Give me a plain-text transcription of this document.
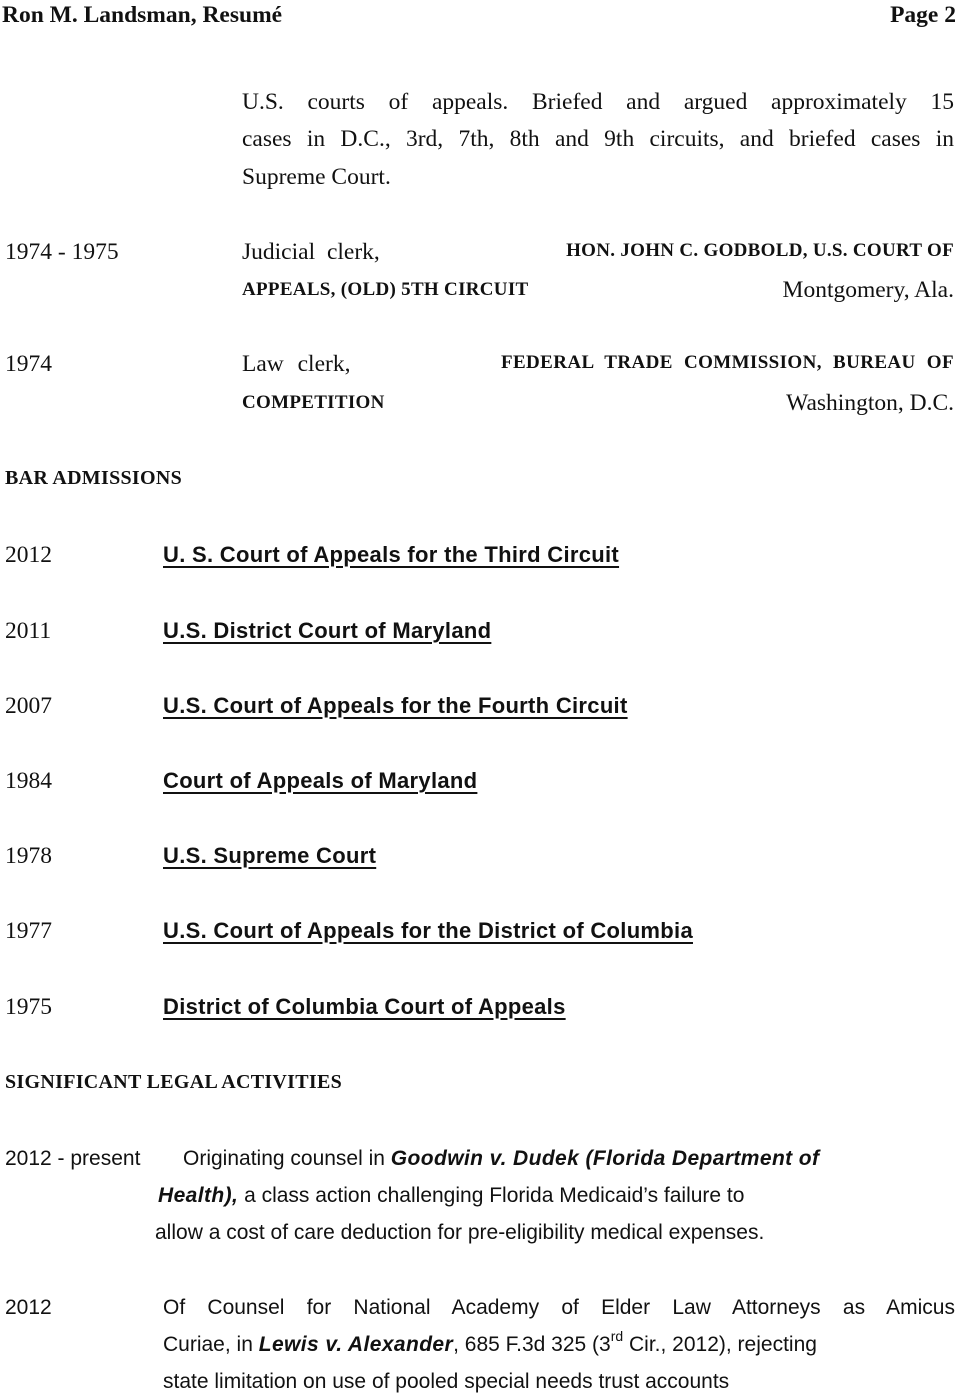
Ron M. Landsman, Resumé	Page 2
U.S. courts of appeals. Briefed and argued approximately 15
cases in D.C., 3rd, 7th, 8th and 9th circuits, and briefed cases in
Supreme Court.
1974 - 1975	Judicial clerk,	HON. JOHN C. GODBOLD, U.S. COURT OF
APPEALS, (OLD) 5TH CIRCUIT	Montgomery, Ala.
1974	Law clerk,	FEDERAL TRADE COMMISSION, BUREAU OF
COMPETITION	Washington, D.C.
BAR ADMISSIONS
2012	U. S. Court of Appeals for the Third Circuit
2011	U.S. District Court of Maryland
2007	U.S. Court of Appeals for the Fourth Circuit
1984	Court of Appeals of Maryland
1978	U.S. Supreme Court
1977	U.S. Court of Appeals for the District of Columbia
1975	District of Columbia Court of Appeals
SIGNIFICANT LEGAL ACTIVITIES
2012 - present Originating counsel in Goodwin v. Dudek (Florida Department of
Health), a class action challenging Florida Medicaid’s failure to
allow a cost of care deduction for pre-eligibility medical expenses.
2012	Of Counsel for National Academy of Elder Law Attorneys as Amicus
Curiae, in Lewis v. Alexander, 685 F.3d 325 (3rd Cir., 2012), rejecting
state limitation on use of pooled special needs trust accounts
